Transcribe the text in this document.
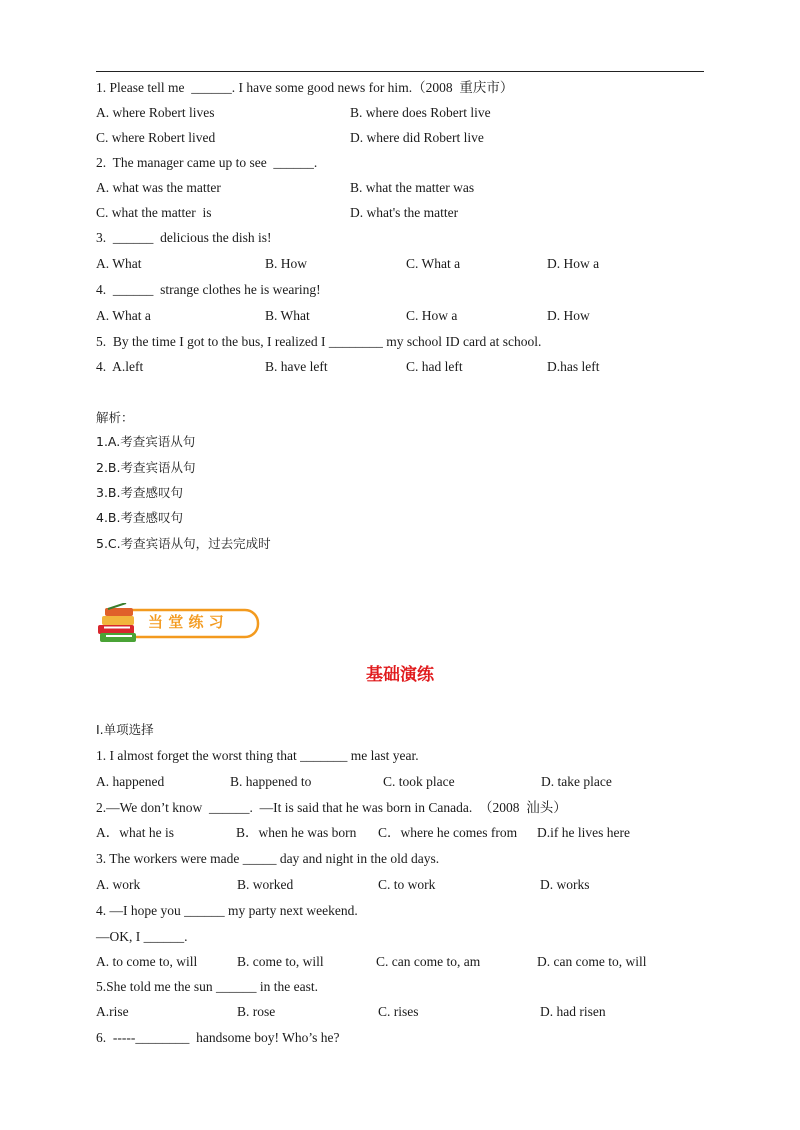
1. Please tell me  ______. I have some good news for him.（2008  重庆市）
A. where Robert lives	B. where does Robert live
C. where Robert lived	D. where did Robert live
2.  The manager came up to see  ______.
A. what was the matter	B. what the matter was
C. what the matter  is	D. what's the matter
3.  ______  delicious the dish is!
A. What	B. How	C. What a	D. How a
4.  ______  strange clothes he is wearing!
A. What a	B. What	C. How a	D. How
5.  By the time I got to the bus, I realized I ________ my school ID card at school.
4.  A.left	B. have left	C. had left	D.has left
解析：
1.A.考查宾语从句
2.B.考查宾语从句
3.B.考查感叹句
4.B.考查感叹句
5.C.考查宾语从句，过去完成时
当 堂 练 习
基础演练
I.单项选择
1. I almost forget the worst thing that _______ me last year.
A. happened	B. happened to	C. took place	D. take place
2.—We don’t know  ______.  —It is said that he was born in Canada.  （2008  汕头）
A．what he is	B．when he was born C．where he comes from D.if he lives here
3. The workers were made _____ day and night in the old days.
A. work	B. worked	C. to work	D. works
4. —I hope you ______ my party next weekend.
—OK, I ______.
A. to come to, will	B. come to, will	C. can come to, am	D. can come to, will
5.She told me the sun ______ in the east.
A.rise	B. rose	C. rises	D. had risen
6.  -----________  handsome boy! Who’s he?
